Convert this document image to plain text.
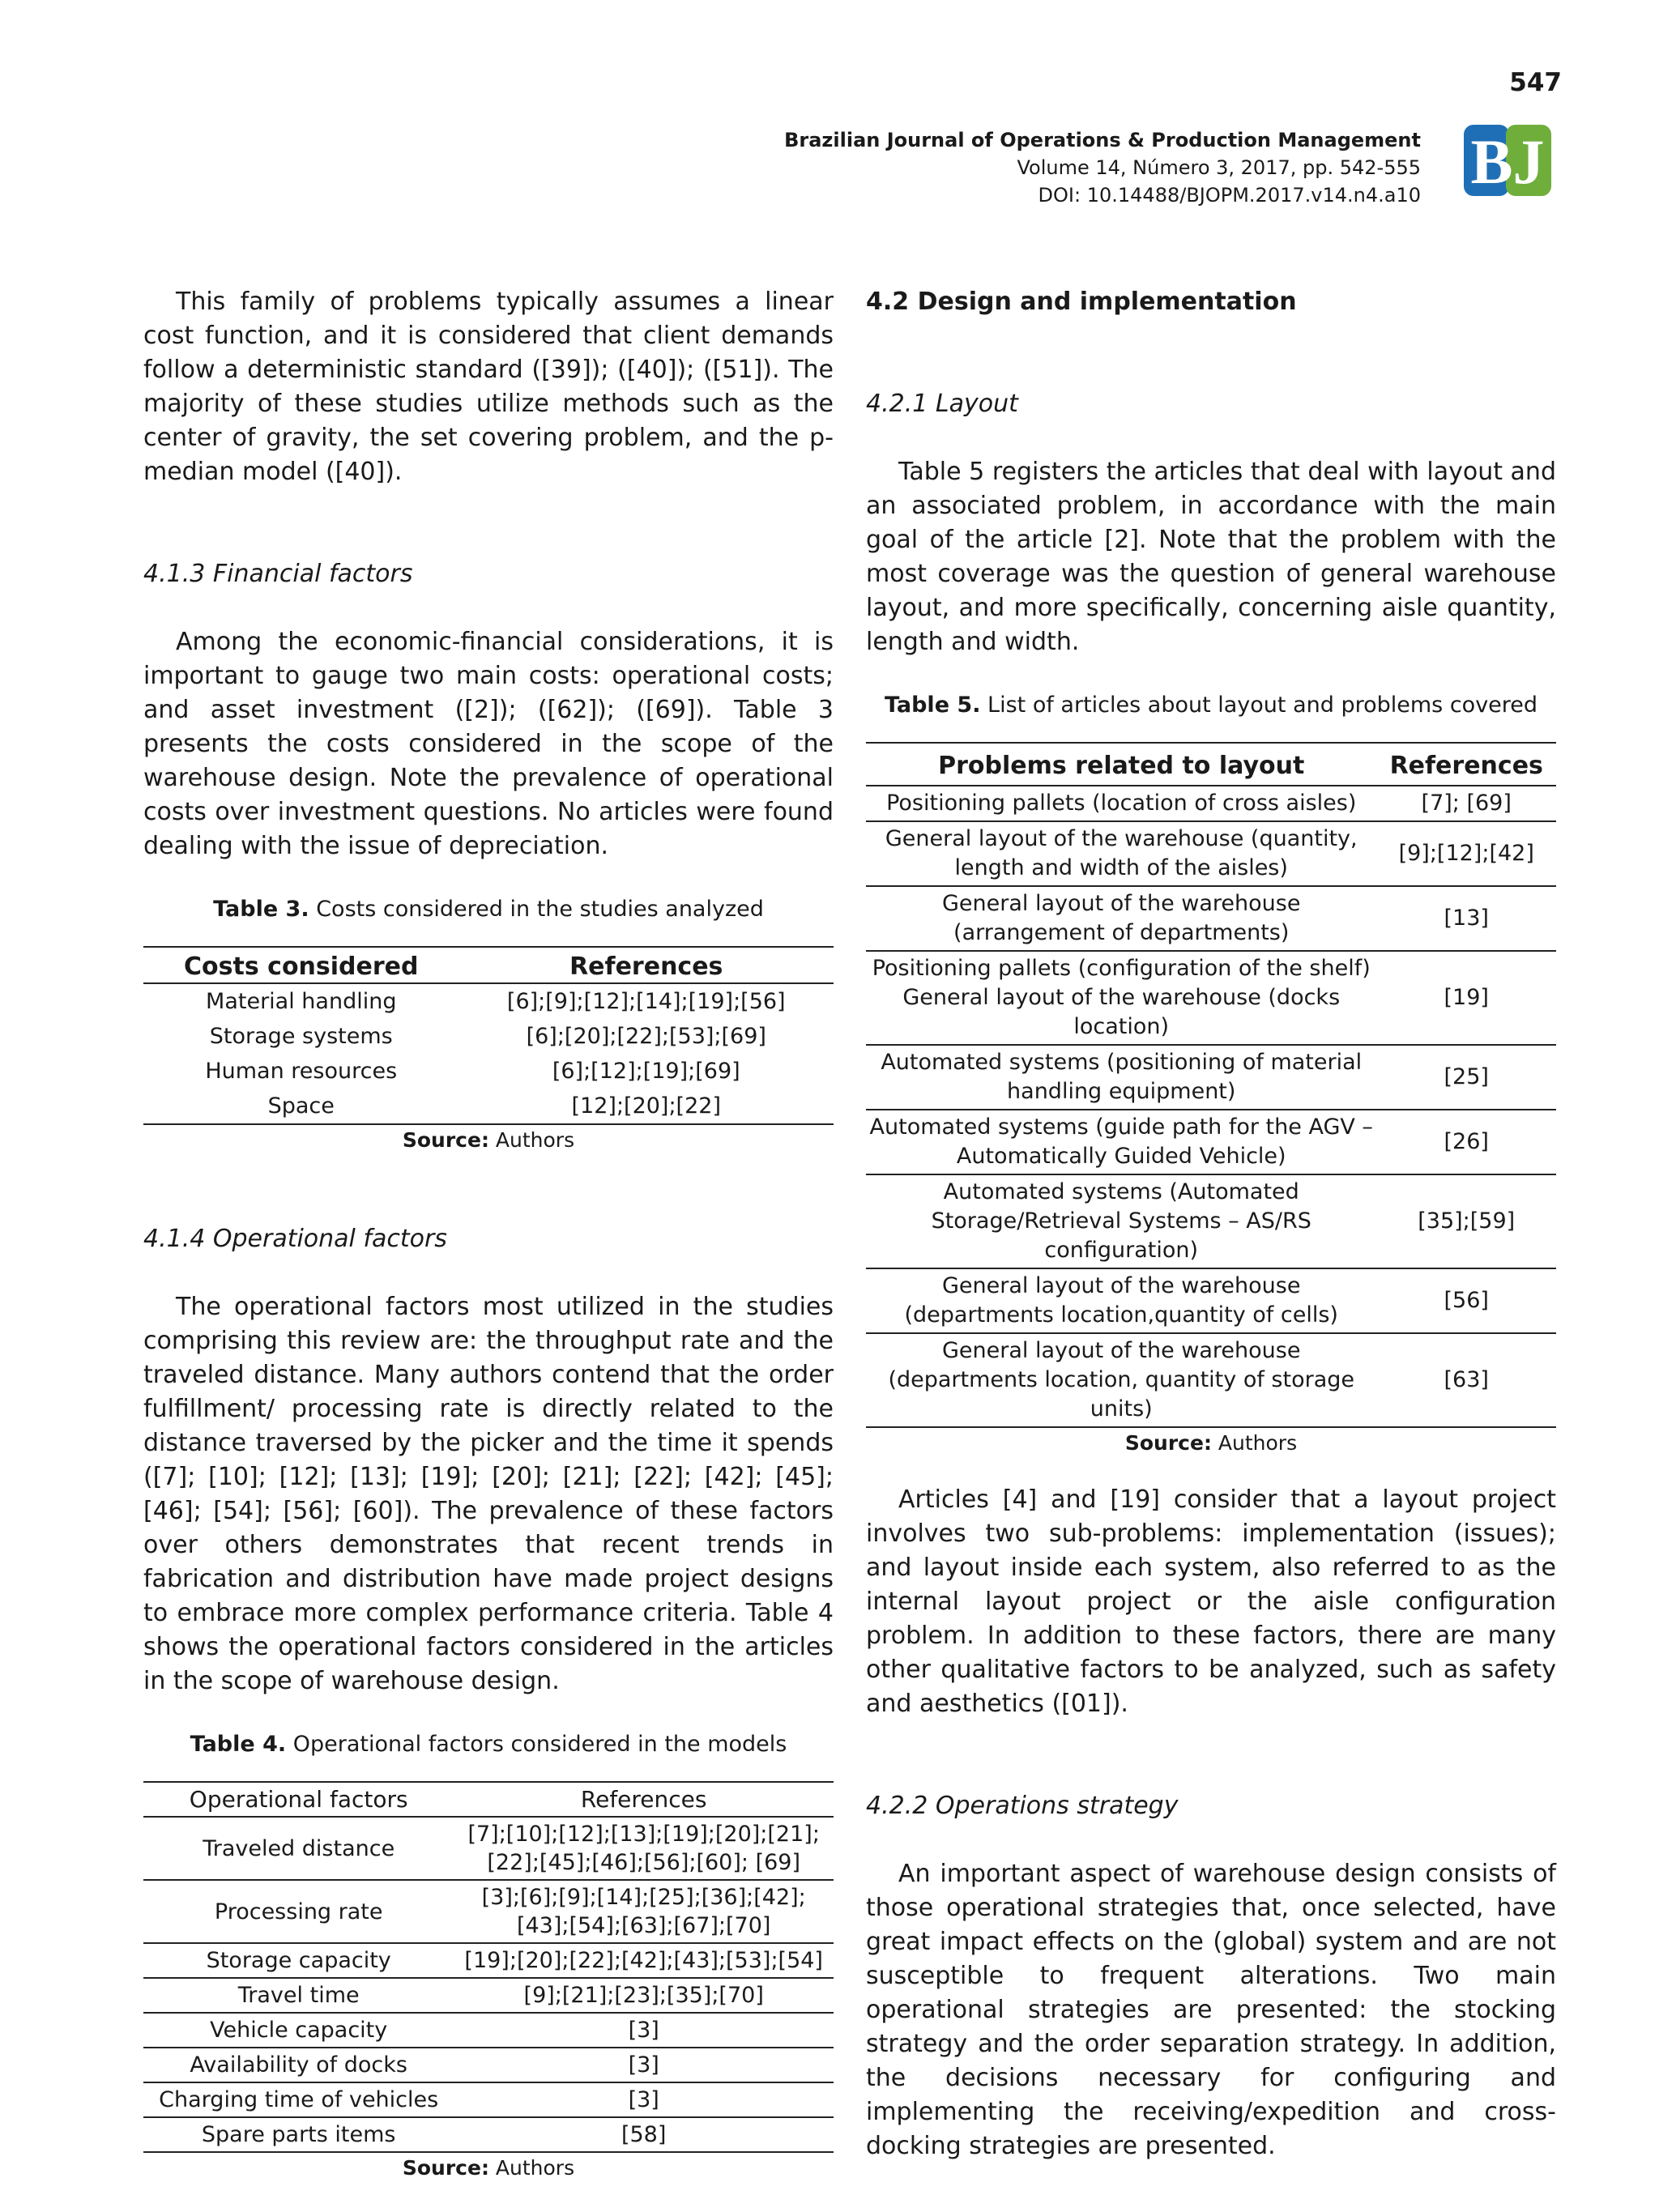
547
Brazilian Journal of Operations & Production Management
Volume 14, Número 3, 2017, pp. 542-555
DOI: 10.14488/BJOPM.2017.v14.n4.a10 BJ

This family of problems typically assumes a linear cost function, and it is considered that client demands follow a deterministic standard ([39]); ([40]); ([51]). The majority of these studies utilize methods such as the center of gravity, the set covering problem, and the p-median model ([40]).

4.1.3 Financial factors

Among the economic-financial considerations, it is important to gauge two main costs: operational costs; and asset investment ([2]); ([62]); ([69]). Table 3 presents the costs considered in the scope of the warehouse design. Note the prevalence of operational costs over investment questions. No articles were found dealing with the issue of depreciation.

Table 3. Costs considered in the studies analyzed
Costs considered	References
Material handling	[6];[9];[12];[14];[19];[56]
Storage systems	[6];[20];[22];[53];[69]
Human resources	[6];[12];[19];[69]
Space	[12];[20];[22]
Source: Authors
4.1.4 Operational factors

The operational factors most utilized in the studies comprising this review are: the throughput rate and the traveled distance. Many authors contend that the order fulfillment/ processing rate is directly related to the distance traversed by the picker and the time it spends ([7]; [10]; [12]; [13]; [19]; [20]; [21]; [22]; [42]; [45]; [46]; [54]; [56]; [60]). The prevalence of these factors over others demonstrates that recent trends in fabrication and distribution have made project designs to embrace more complex performance criteria. Table 4 shows the operational factors considered in the articles in the scope of warehouse design.

Table 4. Operational factors considered in the models
Operational factors	References
Traveled distance	[7];[10];[12];[13];[19];[20];[21];[22];[45];[46];[56];[60]; [69]
Processing rate	[3];[6];[9];[14];[25];[36];[42];[43];[54];[63];[67];[70]
Storage capacity	[19];[20];[22];[42];[43];[53];[54]
Travel time	[9];[21];[23];[35];[70]
Vehicle capacity	[3]
Availability of docks	[3]
Charging time of vehicles	[3]
Spare parts items	[58]
Source: Authors
4.2 Design and implementation
4.2.1 Layout

Table 5 registers the articles that deal with layout and an associated problem, in accordance with the main goal of the article [2]. Note that the problem with the most coverage was the question of general warehouse layout, and more specifically, concerning aisle quantity, length and width.

Table 5. List of articles about layout and problems covered
Problems related to layout	References
Positioning pallets (location of cross aisles)	[7]; [69]
General layout of the warehouse (quantity, length and width of the aisles)	[9];[12];[42]
General layout of the warehouse (arrangement of departments)	[13]
Positioning pallets (configuration of the shelf) General layout of the warehouse (docks location)	[19]
Automated systems (positioning of material handling equipment)	[25]
Automated systems (guide path for the AGV – Automatically Guided Vehicle)	[26]
Automated systems (Automated Storage/Retrieval Systems – AS/RS configuration)	[35];[59]
General layout of the warehouse (departments location,quantity of cells)	[56]
General layout of the warehouse (departments location, quantity of storage units)	[63]
Source: Authors

Articles [4] and [19] consider that a layout project involves two sub-problems: implementation (issues); and layout inside each system, also referred to as the internal layout project or the aisle configuration problem. In addition to these factors, there are many other qualitative factors to be analyzed, such as safety and aesthetics ([01]).

4.2.2 Operations strategy

An important aspect of warehouse design consists of those operational strategies that, once selected, have great impact effects on the (global) system and are not susceptible to frequent alterations. Two main operational strategies are presented: the stocking strategy and the order separation strategy. In addition, the decisions necessary for configuring and implementing the receiving/expedition and cross-docking strategies are presented.
